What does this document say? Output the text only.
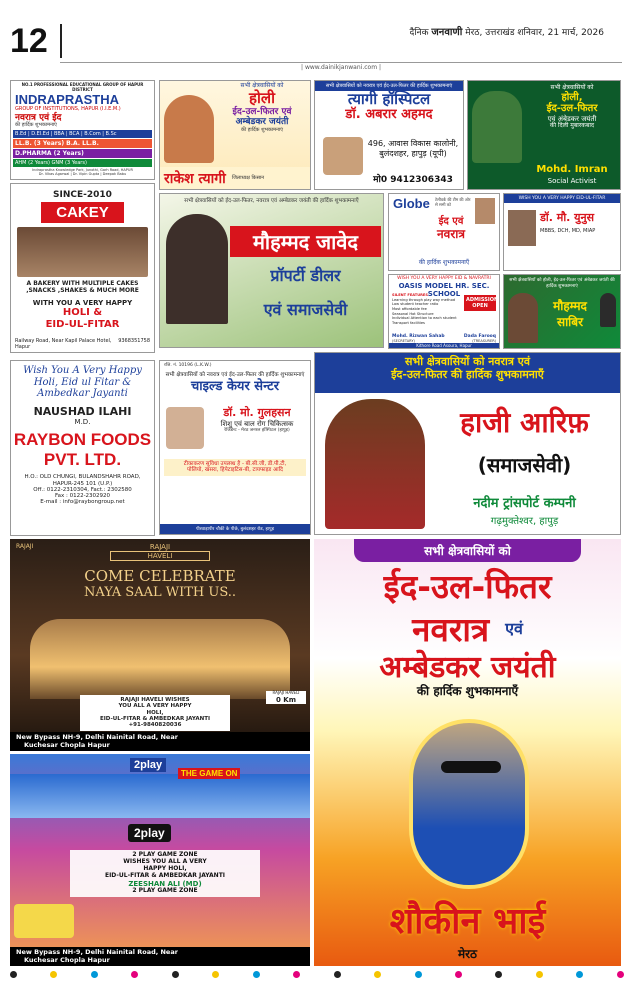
12	दैनिक जनवाणी मेरठ, उत्तराखंड शनिवार, 21 मार्च, 2026
| www.dainikjanwani.com |
NO.1 PROFESSIONAL EDUCATIONAL GROUP OF HAPUR DISTRICT
INDRAPRASTHA
GROUP OF INSTITUTIONS, HAPUR (I.I.E.M.)
नवरात्र एवं ईद
की हार्दिक शुभकामनाएं
B.Ed | D.El.Ed | BBA | BCA | B.Com | B.Sc
LL.B. (3 Years) B.A. LL.B.
D.PHARMA (2 Years)
AHM (2 Years) GNM (3 Years)
Indraprastha Knowledge Park, Junothi, Garh Road, HAPUR
Dr. Vikas Agarwal | Dr. Vipin Gupta | Deepak Babu
सभी क्षेत्रवासियों को
होली
ईद-उल-फितर एवं
अम्बेडकर जयंती
की हार्दिक शुभकामनाएं
राकेश त्यागी जिलाध्यक्ष किसान
सभी क्षेत्रवासियों को नवरात्र एवं ईद-उल-फितर की हार्दिक शुभकामनाएं
त्यागी हॉस्पिटल
डॉ. अबरार अहमद
496, आवास विकास कालोनी, बुलंदशहर, हापुड़ (यूपी)
मो0 9412306343
सभी क्षेत्रवासियों को
होली,
ईद-उल-फितर
एवं अंबेडकर जयंती
की दिली मुबारकबाद
Mohd. Imran
Social Activist
SINCE-2010
CAKEY
A BAKERY WITH MULTIPLE CAKES ,SNACKS ,SHAKES & MUCH MORE
WITH YOU A VERY HAPPY
HOLI &
EID-UL-FITAR
Railway Road, Near Kapil Palace Hotel, Hapur
9368351758
सभी क्षेत्रवासियों को ईद-उल-फितर, नवरात्र एवं अम्बेडकर जयंती की हार्दिक शुभकामनाएँ
मौहम्मद जावेद
प्रॉपर्टी डीलर
एवं समाजसेवी
Globe टेलीवर्क की टीम की ओर से सभी को
ईद एवं
नवरात्र
की हार्दिक शुभकामनाएँ
WISH YOU A VERY HAPPY EID-UL-FITAR
डॉ. मौ. युनुस
MBBS, DCH, MD, MIAP
WISH YOU A VERY HAPPY EID & NAVRATRI
OASIS MODEL HR. SEC. SCHOOL
SILENT FEATURES
Learning through play way method
Low student teacher ratio
Most affordable fee
Seasonal Hot Structure
Individual Attention to each student
Transport facilities
ADMISSION OPEN
Mohd. Rizwan Sahab	Dada Farooq
(SECRETARY)	(TREASURER)
Kithore Road Asoura, Hapur
सभी क्षेत्रवासियों को होली, ईद-उल-फितर एवं अंबेडकर जयंती की हार्दिक शुभकामनाएं
मौहम्मद
साबिर
Wish You A Very Happy
Holi, Eid ul Fitar &
Ambedkar Jayanti
NAUSHAD ILAHI
M.D.
RAYBON FOODS
PVT. LTD.
H.O.: OLD CHUNGI, BULANDSHAHR ROAD,
HAPUR-245 101 (U.P.)
Off.: 0122-2310304, Fact.: 2302580
Fax : 0122-2302920
E-mail : info@raybongroup.net
रजि. नं. 10196 (L.K.W.)
सभी क्षेत्रवासियों को नवरात्र एवं ईद-उल-फितर की हार्दिक शुभकामनाएं
चाइल्ड केयर सेन्टर
डॉ. मो. गुलहसन
शिशु एवं बाल रोग चिकित्सक
रेजिडेन्ट - मेरठ जनरल हॉस्पिटल (हापुड़)
टीकाकरण सुविधा उपलब्ध है - बी.सी.जी, डी.पी.टी,
पोलियो, खसरा, हिपेटाइटिस-बी, टायफाइड आदि
पीरवाड़ापीर चौकी के पीछे, बुलंदशहर रोड, हापुड़
सभी क्षेत्रवासियों को नवरात्र एवं
ईद-उल-फितर की हार्दिक शुभकामनाएँ
हाजी आरिफ़
(समाजसेवी)
नदीम ट्रांसपोर्ट कम्पनी
गढ़मुक्तेश्वर, हापुड़
RAJAJI	RAJAJI
HAVELI
COME CELEBRATE
NAYA SAAL WITH US..
RAJAJI HAVELI WISHES
YOU ALL A VERY HAPPY
HOLI,
EID-UL-FITAR & AMBEDKAR JAYANTI
+91-9840820036
RAJAJI HAVELI
0 Km
New Bypass NH-9, Delhi Nainital Road, Near
Kuchesar Chopla Hapur
2play
THE GAME ON
2play
2 PLAY GAME ZONE
WISHES YOU ALL A VERY
HAPPY HOLI,
EID-UL-FITAR & AMBEDKAR JAYANTI
ZEESHAN ALI (MD)
2 PLAY GAME ZONE
New Bypass NH-9, Delhi Nainital Road, Near
Kuchesar Chopla Hapur
सभी क्षेत्रवासियों को
ईद-उल-फितर
नवरात्र एवं
अम्बेडकर जयंती
की हार्दिक शुभकामनाएँ
शौकीन भाई
मेरठ
